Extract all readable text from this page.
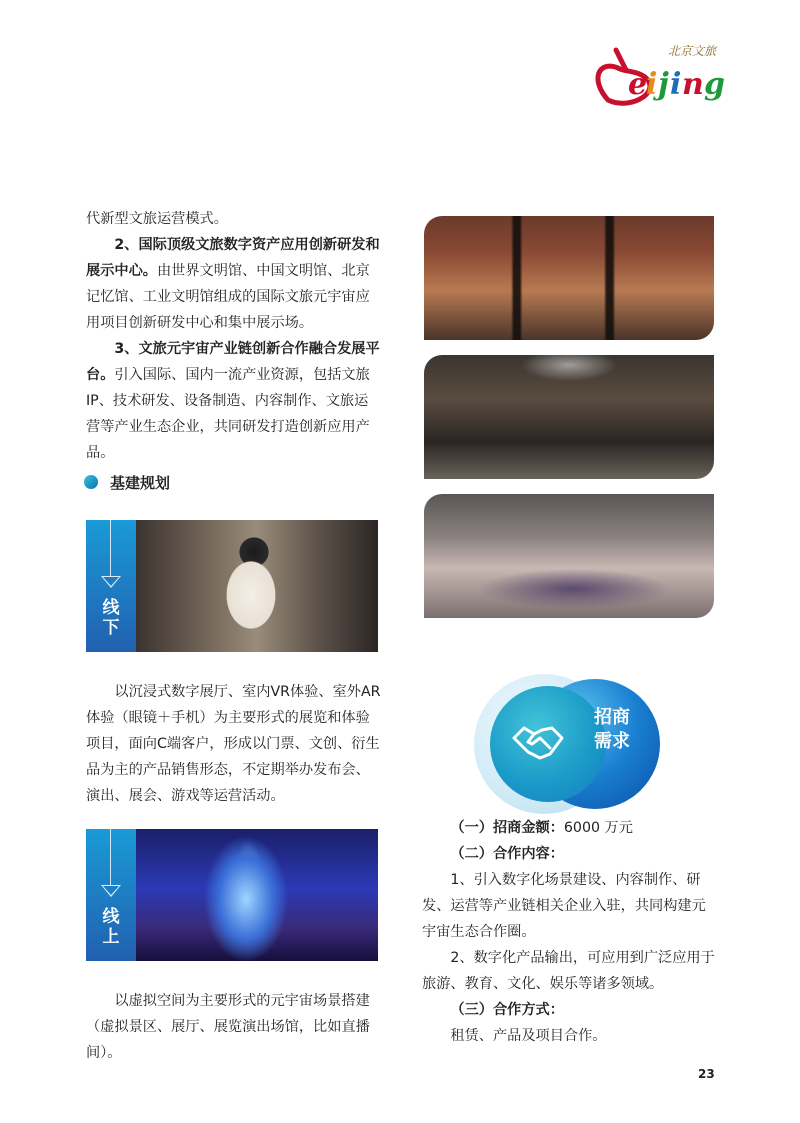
北京文旅
e
i j i n g

代新型文旅运营模式。

2、国际顶级文旅数字资产应用创新研发和展示中心。由世界文明馆、中国文明馆、北京记忆馆、工业文明馆组成的国际文旅元宇宙应用项目创新研发中心和集中展示场。

3、文旅元宇宙产业链创新合作融合发展平台。引入国际、国内一流产业资源，包括文旅IP、技术研发、设备制造、内容制作、文旅运营等产业生态企业，共同研发打造创新应用产品。

基建规划
线
下
以沉浸式数字展厅、室内VR体验、室外AR体验（眼镜＋手机）为主要形式的展览和体验项目，面向C端客户，形成以门票、文创、衍生品为主的产品销售形态，不定期举办发布会、演出、展会、游戏等运营活动。
线
上
以虚拟空间为主要形式的元宇宙场景搭建（虚拟景区、展厅、展览演出场馆，比如直播间）。
招商
需求

（一）招商金额：6000 万元

（二）合作内容：

1、引入数字化场景建设、内容制作、研发、运营等产业链相关企业入驻，共同构建元宇宙生态合作圈。

2、数字化产品输出，可应用到广泛应用于旅游、教育、文化、娱乐等诸多领域。

（三）合作方式：

租赁、产品及项目合作。

23
